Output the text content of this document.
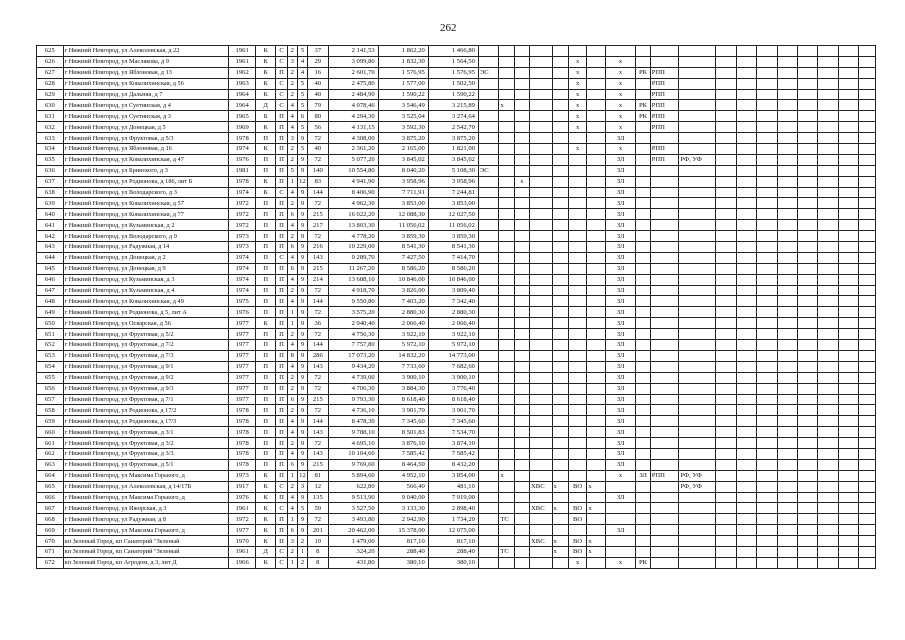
262
625	г Нижний Новгород, ул Алексеевская, д 22	1961	К	С	2	5	37	2 141,53	1 862,20	1 466,80																			
626	г Нижний Новгород, ул Маслякова, д 9	1961	К	С	3	4	29	3 099,80	1 832,30	1 564,50						х		х											
627	г Нижний Новгород, ул Яблоновая, д 13	1962	К	П	2	4	16	2 601,70	1 576,95	1 576,95	ЭС					х		х	РК	РПП									
628	г Нижний Новгород, ул Ковалихинская, д 56	1963	К	С	2	5	40	2 475,80	1 577,00	1 502,50						х		х		РПП									
629	г Нижний Новгород, ул Дальняя, д 7	1964	К	С	2	5	40	2 484,90	1 590,22	1 590,22						х		х		РПП									
630	г Нижний Новгород, ул Суетинская, д 4	1964	Д	С	4	5	79	4 078,46	3 546,49	3 215,89		х				х		х	РК	РПП									
631	г Нижний Новгород, ул Суетинская, д 3	1965	Б	П	4	6	80	4 294,30	3 525,04	3 274,64						х		х	РК	РПП									
632	г Нижний Новгород, ул Донецкая, д 5	1969	К	П	4	5	56	4 131,15	3 592,30	2 542,70						х		х		РПП									
633	г Нижний Новгород, ул Фруктовая, д 5/3	1978	П	П	3	9	72	4 308,00	3 875,20	3 875,20								ЗЛ											
634	г Нижний Новгород, ул Яблоновая, д 16	1974	К	П	2	5	40	2 361,20	2 165,00	1 821,00						х		х		РПП									
635	г Нижний Новгород, ул Ковалихинская, д 47	1976	П	П	2	9	72	5 077,20	3 845,02	3 845,02								ЗЛ		РПП	РФ, УФ								
636	г Нижний Новгород, ул Бринского, д 3	1981	П	П	5	9	140	10 554,80	8 040,20	5 108,30	ЭС							ЗЛ											
637	г Нижний Новгород, ул Родионова, д 186, лит Б	1978	К	П	1	12	83	4 941,90	3 958,96	3 958,96			х					ЗЛ											
638	г Нижний Новгород, ул Володарского, д 3	1974	К	С	4	9	144	8 406,90	7 711,91	7 244,81								ЗЛ											
639	г Нижний Новгород, ул Ковалихинская, д 57	1972	П	П	2	9	72	4 962,30	3 853,00	3 853,00								ЗЛ											
640	г Нижний Новгород, ул Ковалихинская, д 77	1972	П	П	6	9	215	16 022,20	12 088,30	12 027,50								ЗЛ											
641	г Нижний Новгород, ул Кузьминская, д 2	1972	П	П	4	9	217	13 803,30	11 056,02	11 056,02								ЗЛ											
642	г Нижний Новгород, ул Володарского, д 9	1973	П	П	2	9	72	4 778,20	3 859,30	3 859,30								ЗЛ											
643	г Нижний Новгород, ул Радужная, д 14	1973	П	П	6	9	216	10 229,00	8 541,30	8 541,30								ЗЛ											
644	г Нижний Новгород, ул Донецкая, д 2	1974	П	С	4	9	143	9 289,70	7 427,50	7 414,70								ЗЛ											
645	г Нижний Новгород, ул Донецкая, д 9	1974	П	П	6	9	215	11 267,20	8 586,20	8 586,20								ЗЛ											
646	г Нижний Новгород, ул Кузьминская, д 3	1974	П	П	4	9	214	13 688,10	10 846,00	10 846,00								ЗЛ											
647	г Нижний Новгород, ул Кузьминская, д 4	1974	П	П	2	9	72	4 918,70	3 826,00	3 809,40								ЗЛ											
648	г Нижний Новгород, ул Ковалихинская, д 49	1975	П	П	4	9	144	9 550,80	7 403,20	7 342,40								ЗЛ											
649	г Нижний Новгород, ул Родионова, д 5, лит А	1976	П	П	1	9	72	3 575,20	2 880,30	2 880,30								ЗЛ											
650	г Нижний Новгород, ул Осварская, д 56	1977	К	П	1	9	36	2 940,40	2 066,40	2 066,40								ЗЛ											
651	г Нижний Новгород, ул Фруктовая, д 5/2	1977	П	П	2	9	72	4 756,30	3 922,10	3 922,10								ЗЛ											
652	г Нижний Новгород, ул Фруктовая, д 7/2	1977	П	П	4	9	144	7 757,80	5 972,10	5 972,10								ЗЛ											
653	г Нижний Новгород, ул Фруктовая, д 7/3	1977	П	П	8	9	286	17 073,20	14 832,20	14 773,00								ЗЛ											
654	г Нижний Новгород, ул Фруктовая, д 9/1	1977	П	П	4	9	143	9 434,20	7 733,60	7 682,60								ЗЛ											
655	г Нижний Новгород, ул Фруктовая, д 9/2	1977	П	П	2	9	72	4 739,00	3 900,10	3 900,10								ЗЛ											
656	г Нижний Новгород, ул Фруктовая, д 9/3	1977	П	П	2	9	72	4 706,30	3 884,30	3 776,40								ЗЛ											
657	г Нижний Новгород, ул Фруктовая, д 7/1	1977	П	П	6	9	215	9 793,30	8 618,40	8 618,40								ЗЛ											
658	г Нижний Новгород, ул Родионова, д 17/2	1978	П	П	2	9	72	4 736,10	3 901,70	3 901,70								ЗЛ											
659	г Нижний Новгород, ул Родионова, д 17/3	1978	П	П	4	9	144	8 478,30	7 345,60	7 345,60								ЗЛ											
660	г Нижний Новгород, ул Фруктовая, д 3/1	1978	П	П	4	9	143	9 788,10	8 501,83	7 534,70								ЗЛ											
661	г Нижний Новгород, ул Фруктовая, д 3/2	1978	П	П	2	9	72	4 695,10	3 876,10	3 874,10								ЗЛ											
662	г Нижний Новгород, ул Фруктовая, д 3/3	1978	П	П	4	9	143	10 104,60	7 585,42	7 585,42								ЗЛ											
663	г Нижний Новгород, ул Фруктовая, д 5/1	1978	П	П	6	9	215	9 769,60	8 464,50	8 432,20								ЗЛ											
664	г Нижний Новгород, ул Максима Горького, д	1973	К	П	1	12	81	5 894,60	4 952,10	3 854,00		х						х	ЗЛ	РПП	РФ, УФ								
665	г Нижний Новгород, ул Алексеевская, д 14/17Б	1917	К	С	2	3	12	622,80	566,40	481,10				ХВС	х	ВО	х				РФ, УФ								
666	г Нижний Новгород, ул Максима Горького, д	1976	К	П	4	9	135	9 513,90	9 040,00	7 919,00								ЗЛ											
667	г Нижний Новгород, ул Ижорская, д 3	1961	К	С	4	5	59	3 527,50	3 133,30	2 898,40				ХВС	х	ВО	х												
668	г Нижний Новгород, ул Радужная, д 8	1972	К	П	1	9	72	3 493,80	2 942,90	1 734,20		ТС				ВО													
669	г Нижний Новгород, ул Максима Горького, д	1977	К	П	6	9	201	20 462,00	15 378,00	12 075,00								ЗЛ											
670	кп Зеленый Город, кп Санаторий "Зеленый	1970	К	П	3	2	19	1 479,00	817,10	817,10				ХВС	х	ВО	х												
671	кп Зеленый Город, кп Санаторий "Зеленый	1961	Д	С	2	1	8	324,20	288,40	288,40		ТС			х	ВО	х												
672	кп Зеленый Город, кп Агродом, д 3, лит Д	1966	К	С	1	2	8	431,80	380,10	380,10						х		х	РК										
